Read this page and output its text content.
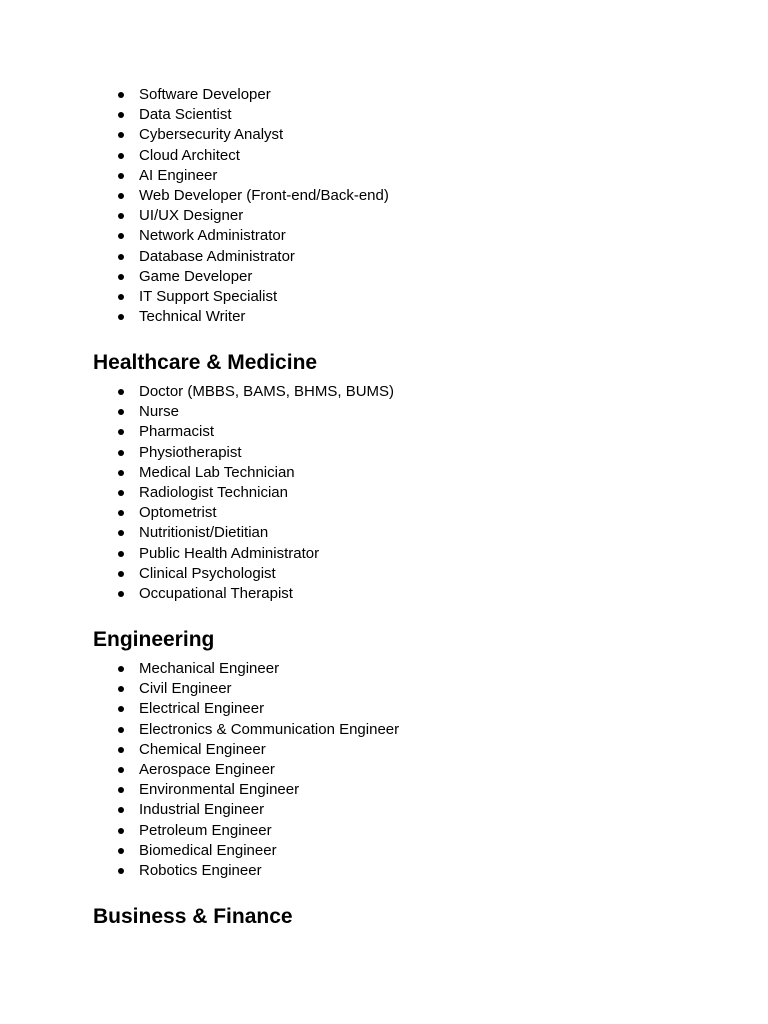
Software Developer
Data Scientist
Cybersecurity Analyst
Cloud Architect
AI Engineer
Web Developer (Front-end/Back-end)
UI/UX Designer
Network Administrator
Database Administrator
Game Developer
IT Support Specialist
Technical Writer
Healthcare & Medicine
Doctor (MBBS, BAMS, BHMS, BUMS)
Nurse
Pharmacist
Physiotherapist
Medical Lab Technician
Radiologist Technician
Optometrist
Nutritionist/Dietitian
Public Health Administrator
Clinical Psychologist
Occupational Therapist
Engineering
Mechanical Engineer
Civil Engineer
Electrical Engineer
Electronics & Communication Engineer
Chemical Engineer
Aerospace Engineer
Environmental Engineer
Industrial Engineer
Petroleum Engineer
Biomedical Engineer
Robotics Engineer
Business & Finance
